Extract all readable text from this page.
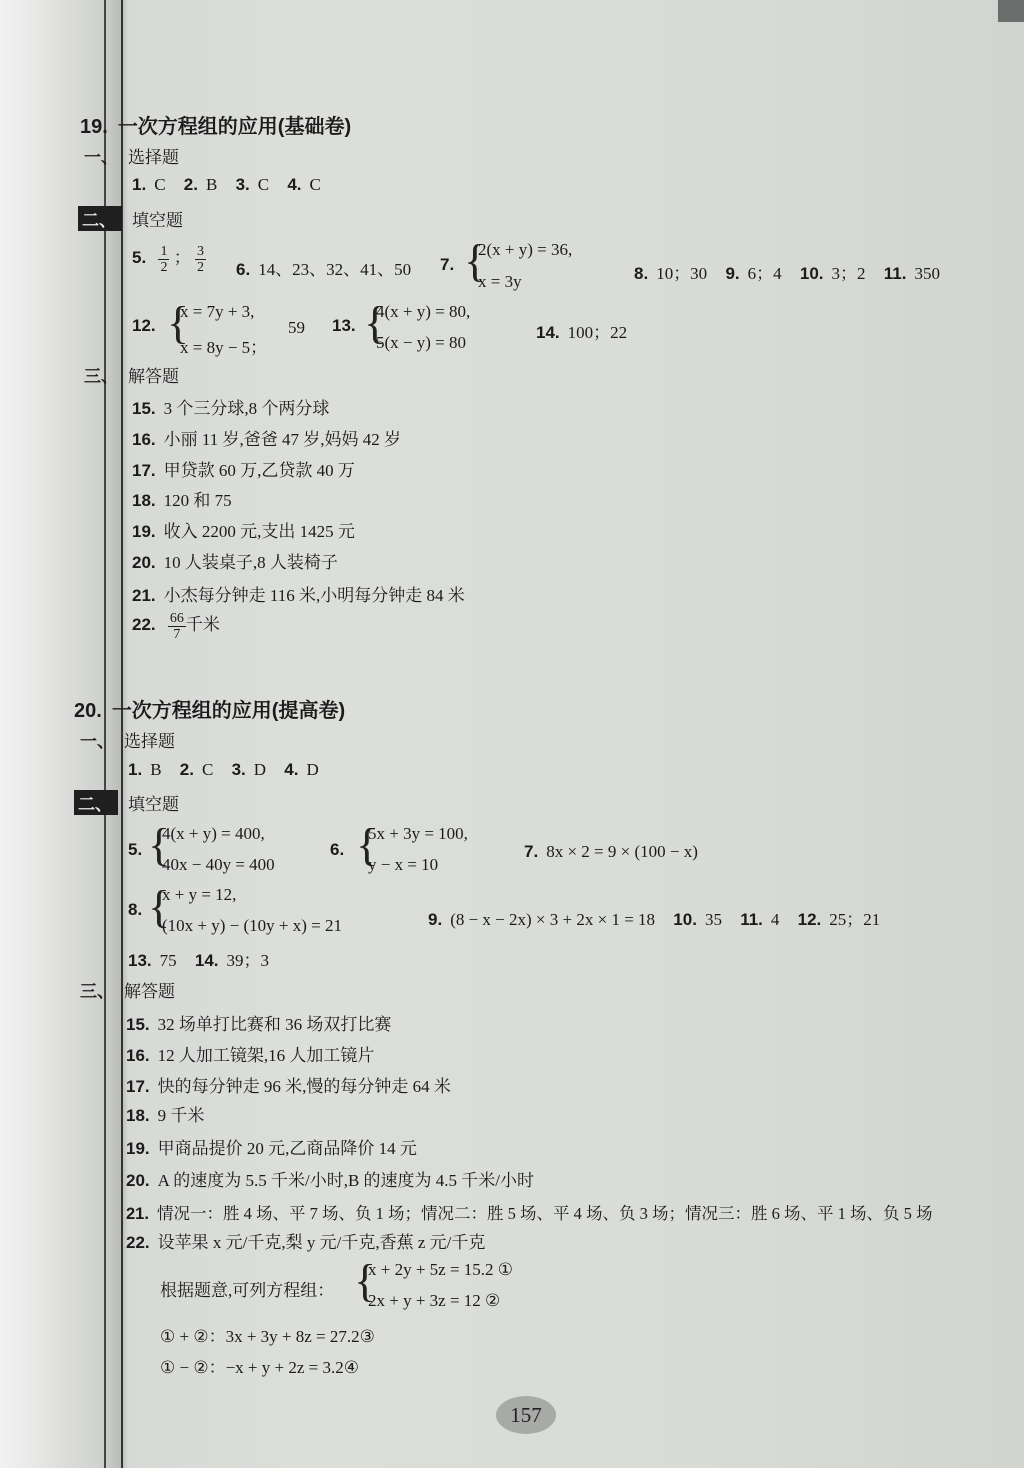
19. 一次方程组的应用(基础卷)
一、 选择题
1. C 2. B 3. C 4. C
二、 填空题
5. $\frac{1}{2}$ ； $\frac{3}{2} 6$. 14、23、32、41、50 7. {
2(x + y) = 36,
x = 3y	8. 10；30 9. 6；4 10. 3；2 11. 350
12. {
x = 7y + 3,
x = 8y − 5；
59 13. {
4(x + y) = 80,
5(x − y) = 80
14. 100；22
三、 解答题
15. 3 个三分球,8 个两分球
16. 小丽 11 岁,爸爸 47 岁,妈妈 42 岁
17. 甲贷款 60 万,乙贷款 40 万
18. 120 和 75
19. 收入 2200 元,支出 1425 元
20. 10 人装桌子,8 人装椅子
21. 小杰每分钟走 116 米,小明每分钟走 84 米
22. $\frac{66}{7}$ 千米
20. 一次方程组的应用(提高卷)
一、 选择题
1. B 2. C 3. D 4. D
二、 填空题
5. {
4(x + y) = 400,
40x − 40y = 400
6. {
5x + 3y = 100,
y − x = 10
7. 8x × 2 = 9 × (100 − x)
8. {
x + y = 12,
(10x + y) − (10y + x) = 21	9. (8 − x − 2x) × 3 + 2x × 1 = 18 10. 35 11. 4 12. 25；21
13. 75 14. 39；3
三、 解答题
15. 32 场单打比赛和 36 场双打比赛
16. 12 人加工镜架,16 人加工镜片
17. 快的每分钟走 96 米,慢的每分钟走 64 米
18. 9 千米
19. 甲商品提价 20 元,乙商品降价 14 元
20. A 的速度为 5.5 千米/小时,B 的速度为 4.5 千米/小时
21. 情况一：胜 4 场、平 7 场、负 1 场；情况二：胜 5 场、平 4 场、负 3 场；情况三：胜 6 场、平 1 场、负 5 场
22. 设苹果 x 元/千克,梨 y 元/千克,香蕉 z 元/千克
根据题意,可列方程组： {
x + 2y + 5z = 15.2 ①
2x + y + 3z = 12 ②
① + ②：3x + 3y + 8z = 27.2③
① − ②：−x + y + 2z = 3.2④
157
